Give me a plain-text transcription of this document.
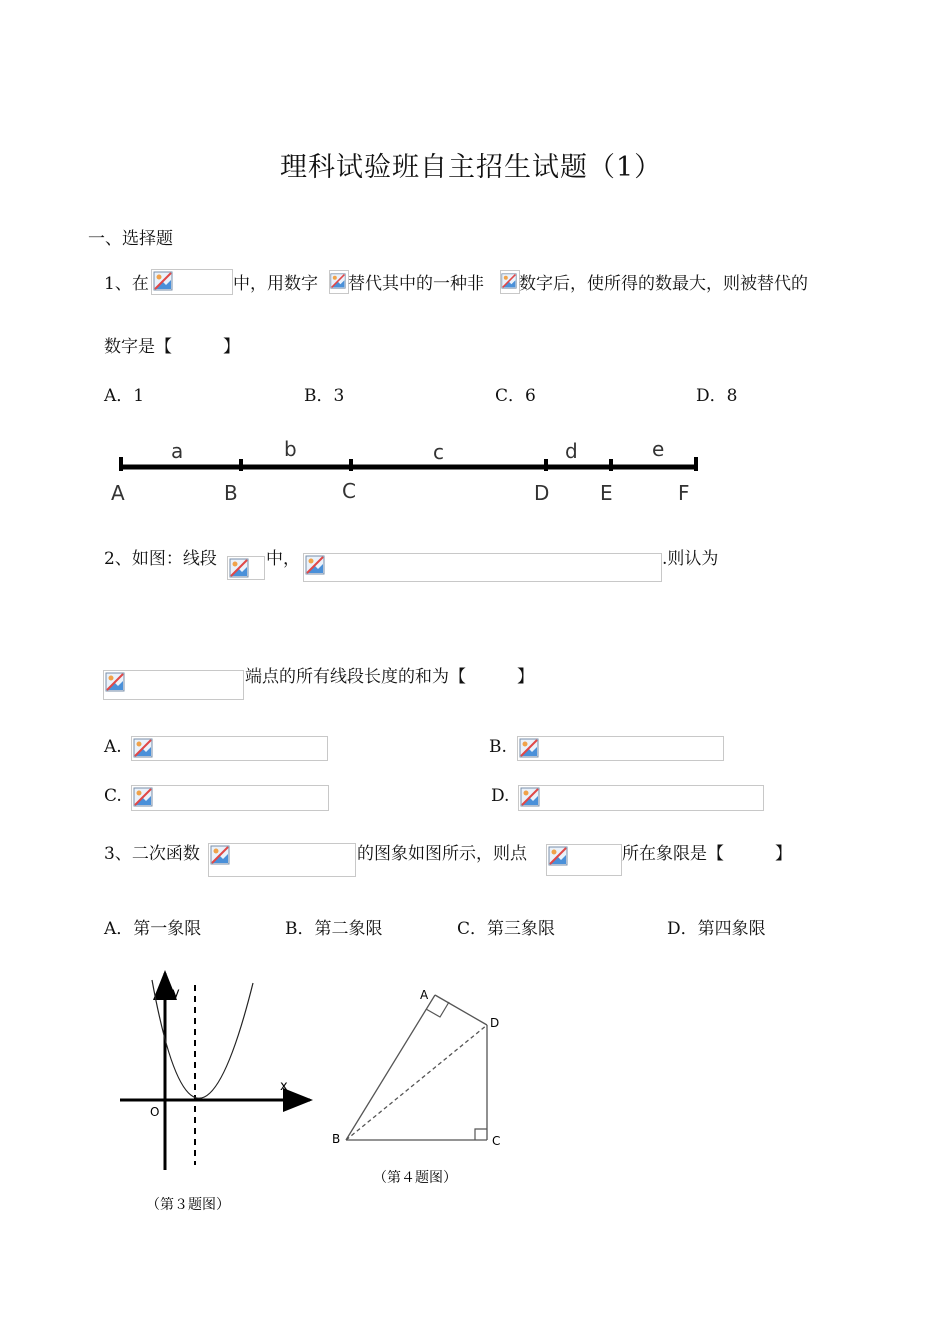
理科试验班自主招生试题（1）
一、选择题
1、在	中，用数字 替代其中的一种非 数字后，使所得的数最大，则被替代的
数字是【　　　】
A．1	B．3	C．6	D．8
a	b	c	d	e
A	B	C	D	E	F
2、如图：线段	中，	.则认为
端点的所有线段长度的和为【　　　】
A.	B.
C.	D.
3、二次函数	的图象如图所示，则点	所在象限是【　　　】
A．第一象限	B．第二象限	C．第三象限	D．第四象限
x
y
O
（第３题图）
A
B	C
D
（第４题图）
